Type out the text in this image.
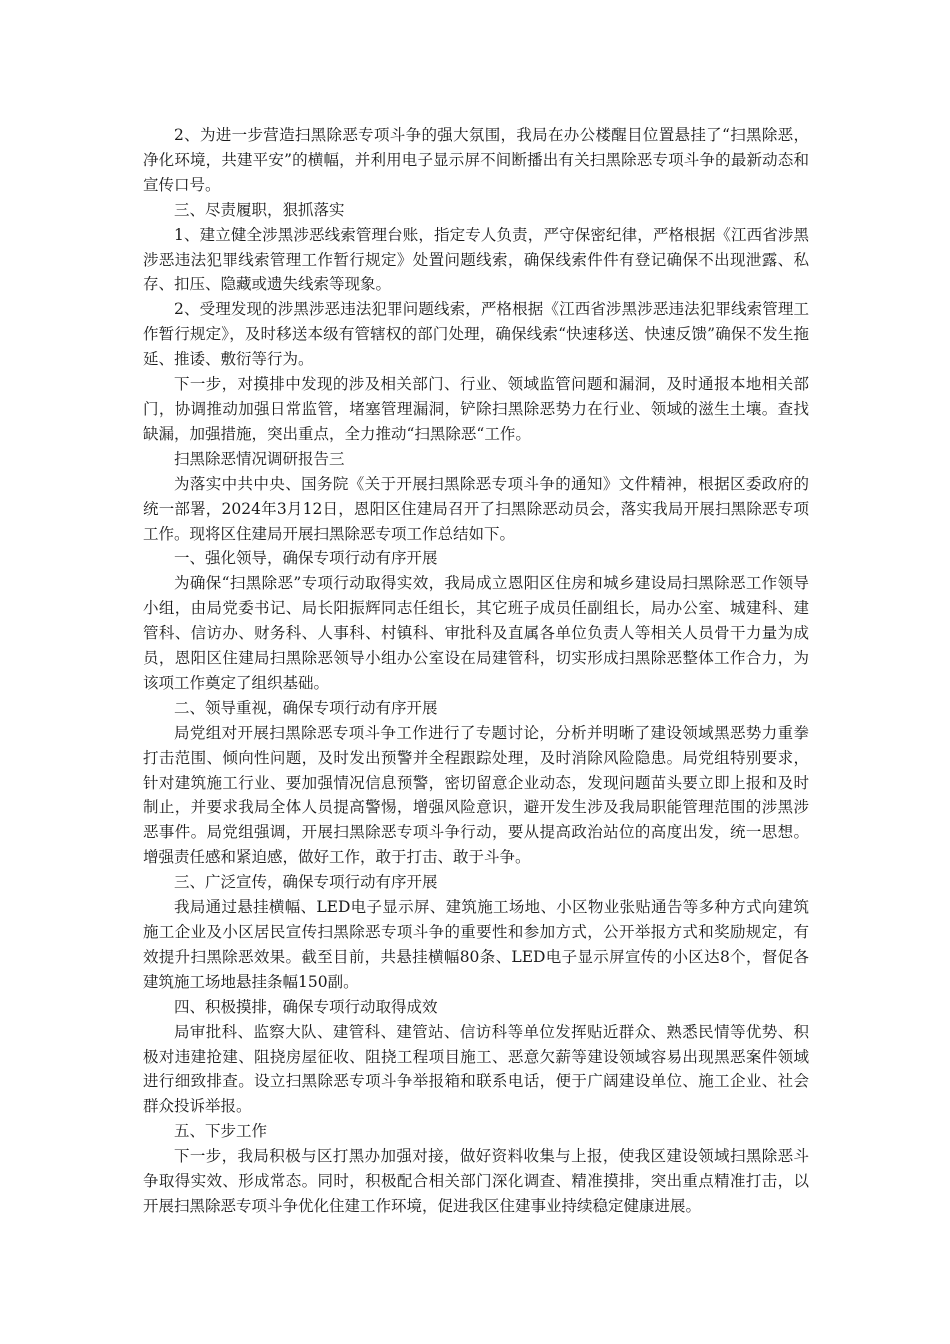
2、为进一步营造扫黑除恶专项斗争的强大氛围，我局在办公楼醒目位置悬挂了“扫黑除恶，净化环境，共建平安”的横幅，并利用电子显示屏不间断播出有关扫黑除恶专项斗争的最新动态和宣传口号。

三、尽责履职，狠抓落实

1、建立健全涉黑涉恶线索管理台账，指定专人负责，严守保密纪律，严格根据《江西省涉黑涉恶违法犯罪线索管理工作暂行规定》处置问题线索，确保线索件件有登记确保不出现泄露、私存、扣压、隐藏或遗失线索等现象。

2、受理发现的涉黑涉恶违法犯罪问题线索，严格根据《江西省涉黑涉恶违法犯罪线索管理工作暂行规定》，及时移送本级有管辖权的部门处理，确保线索“快速移送、快速反馈”确保不发生拖延、推诿、敷衍等行为。

下一步，对摸排中发现的涉及相关部门、行业、领域监管问题和漏洞，及时通报本地相关部门，协调推动加强日常监管，堵塞管理漏洞，铲除扫黑除恶势力在行业、领域的滋生土壤。查找缺漏，加强措施，突出重点，全力推动“扫黑除恶“工作。

扫黑除恶情况调研报告三

为落实中共中央、国务院《关于开展扫黑除恶专项斗争的通知》文件精神，根据区委政府的统一部署，2024年3月12日，恩阳区住建局召开了扫黑除恶动员会，落实我局开展扫黑除恶专项工作。现将区住建局开展扫黑除恶专项工作总结如下。

一、强化领导，确保专项行动有序开展

为确保“扫黑除恶”专项行动取得实效，我局成立恩阳区住房和城乡建设局扫黑除恶工作领导小组，由局党委书记、局长阳振辉同志任组长，其它班子成员任副组长，局办公室、城建科、建管科、信访办、财务科、人事科、村镇科、审批科及直属各单位负责人等相关人员骨干力量为成员，恩阳区住建局扫黑除恶领导小组办公室设在局建管科，切实形成扫黑除恶整体工作合力，为该项工作奠定了组织基础。

二、领导重视，确保专项行动有序开展

局党组对开展扫黑除恶专项斗争工作进行了专题讨论，分析并明晰了建设领域黑恶势力重拳打击范围、倾向性问题，及时发出预警并全程跟踪处理，及时消除风险隐患。局党组特别要求，针对建筑施工行业、要加强情况信息预警，密切留意企业动态，发现问题苗头要立即上报和及时制止，并要求我局全体人员提高警惕，增强风险意识，避开发生涉及我局职能管理范围的涉黑涉恶事件。局党组强调，开展扫黑除恶专项斗争行动，要从提高政治站位的高度出发，统一思想。增强责任感和紧迫感，做好工作，敢于打击、敢于斗争。

三、广泛宣传，确保专项行动有序开展

我局通过悬挂横幅、LED电子显示屏、建筑施工场地、小区物业张贴通告等多种方式向建筑施工企业及小区居民宣传扫黑除恶专项斗争的重要性和参加方式，公开举报方式和奖励规定，有效提升扫黑除恶效果。截至目前，共悬挂横幅80条、LED电子显示屏宣传的小区达8个，督促各建筑施工场地悬挂条幅150副。

四、积极摸排，确保专项行动取得成效

局审批科、监察大队、建管科、建管站、信访科等单位发挥贴近群众、熟悉民情等优势、积极对违建抢建、阻挠房屋征收、阻挠工程项目施工、恶意欠薪等建设领域容易出现黑恶案件领域进行细致排查。设立扫黑除恶专项斗争举报箱和联系电话，便于广阔建设单位、施工企业、社会群众投诉举报。

五、下步工作

下一步，我局积极与区打黑办加强对接，做好资料收集与上报，使我区建设领域扫黑除恶斗争取得实效、形成常态。同时，积极配合相关部门深化调查、精准摸排，突出重点精准打击，以开展扫黑除恶专项斗争优化住建工作环境，促进我区住建事业持续稳定健康进展。
